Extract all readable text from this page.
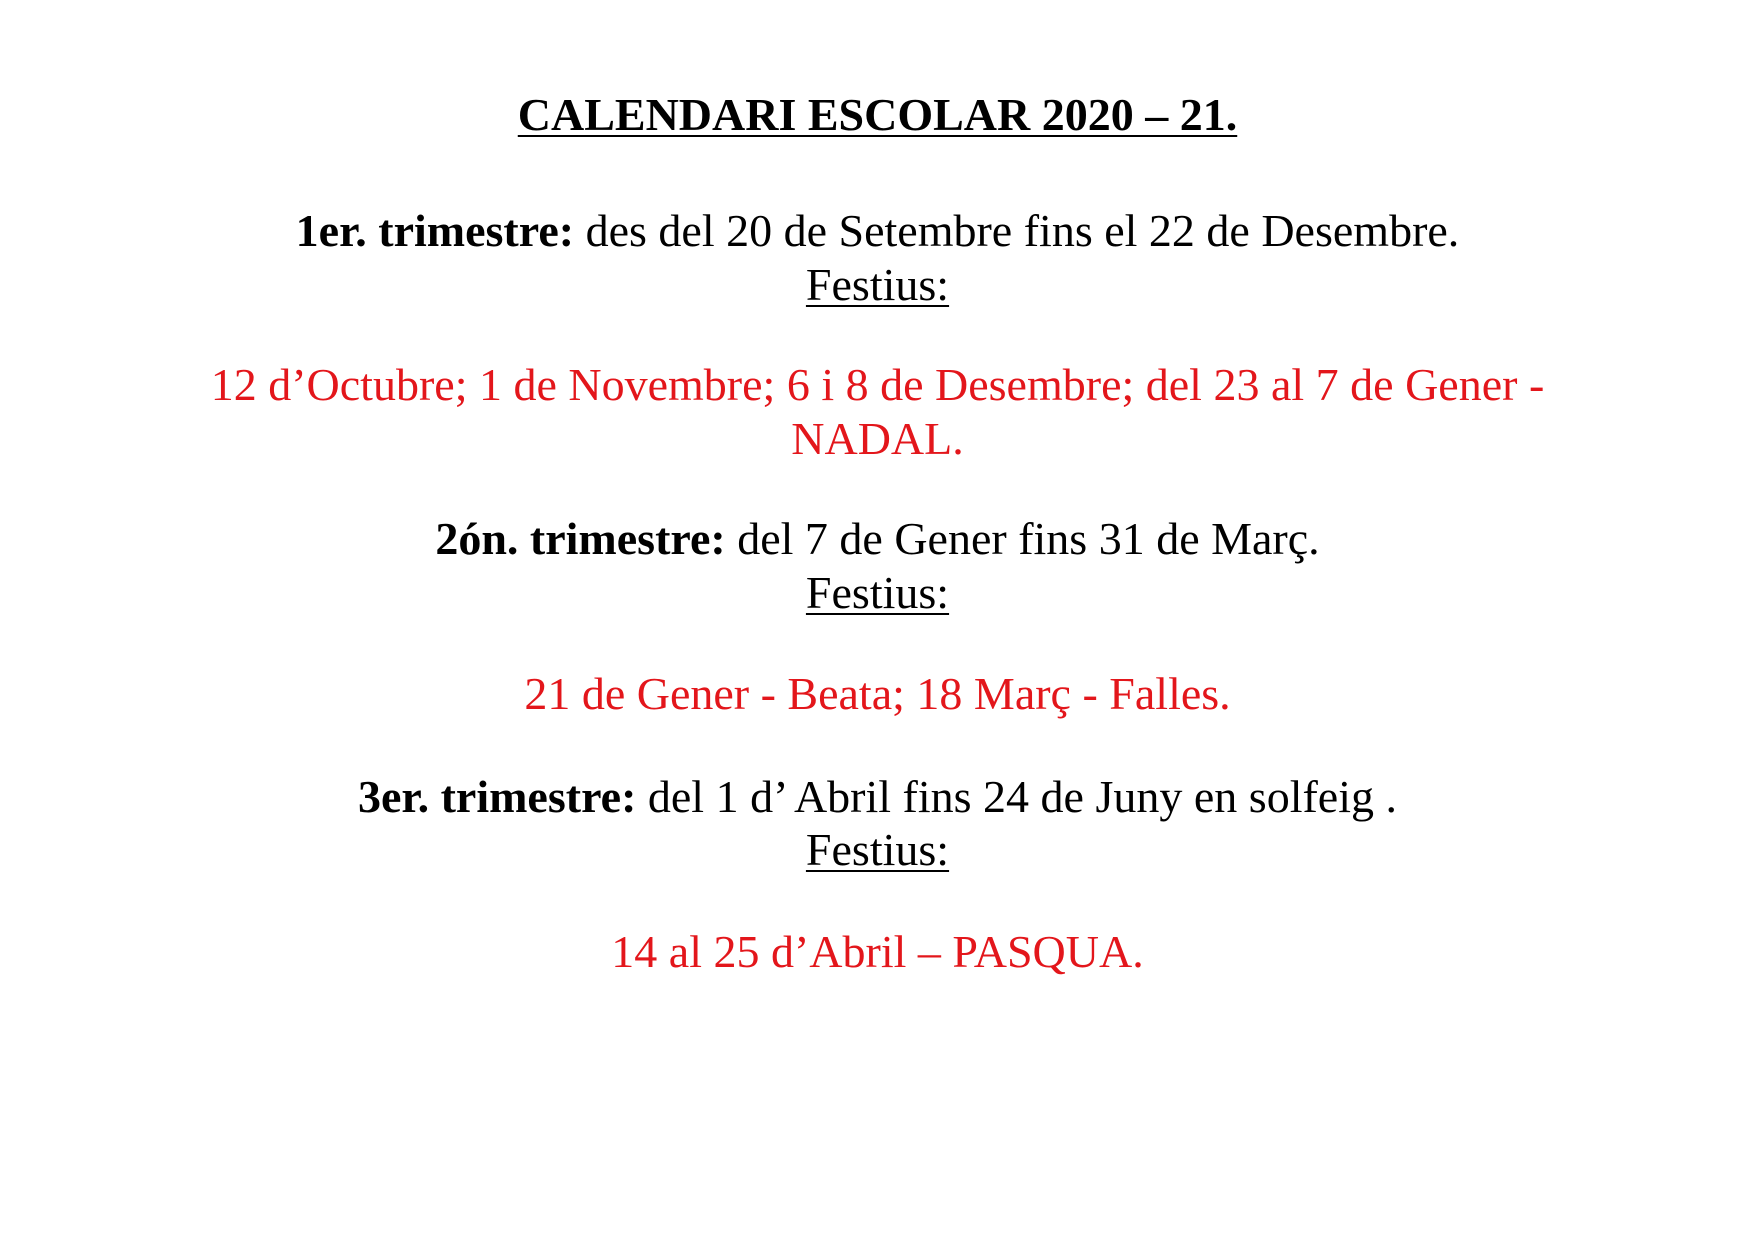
CALENDARI ESCOLAR 2020 – 21.
1er. trimestre: des del 20 de Setembre fins el 22 de Desembre.
Festius:
12 d’Octubre; 1 de Novembre; 6 i 8 de Desembre; del 23 al 7 de Gener -
NADAL.
2ón. trimestre: del 7 de Gener fins 31 de Març.
Festius:
21 de Gener - Beata; 18 Març - Falles.
3er. trimestre: del 1 d’ Abril fins 24 de Juny en solfeig .
Festius:
14 al 25 d’Abril – PASQUA.
